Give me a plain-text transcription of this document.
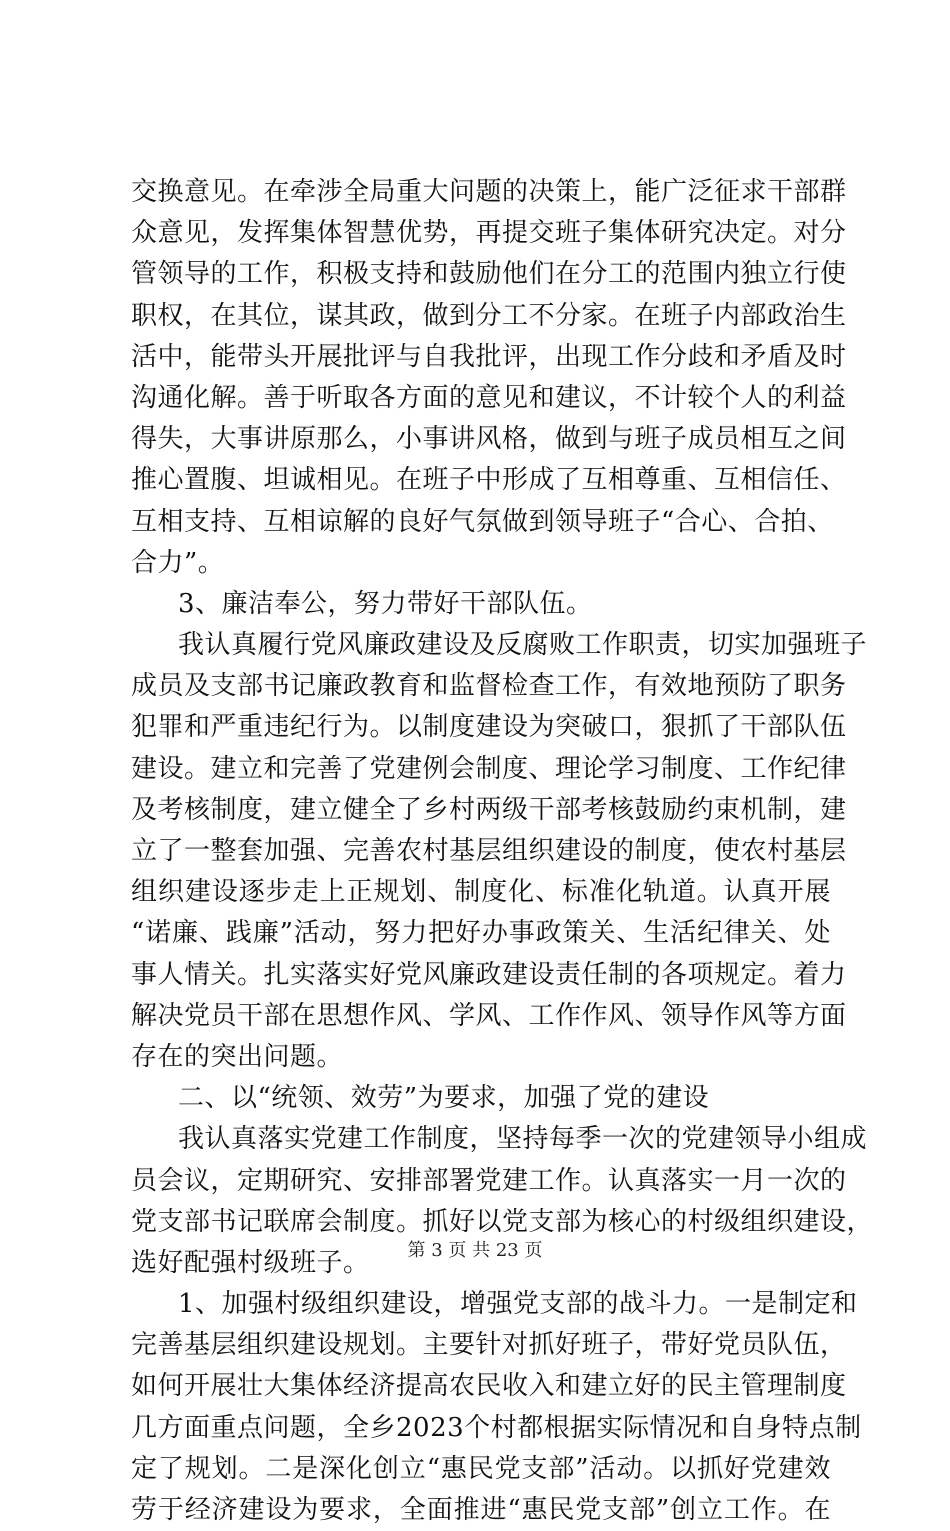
交换意见。在牵涉全局重大问题的决策上，能广泛征求干部群
众意见，发挥集体智慧优势，再提交班子集体研究决定。对分
管领导的工作，积极支持和鼓励他们在分工的范围内独立行使
职权，在其位，谋其政，做到分工不分家。在班子内部政治生
活中，能带头开展批评与自我批评，出现工作分歧和矛盾及时
沟通化解。善于听取各方面的意见和建议，不计较个人的利益
得失，大事讲原那么，小事讲风格，做到与班子成员相互之间
推心置腹、坦诚相见。在班子中形成了互相尊重、互相信任、
互相支持、互相谅解的良好气氛做到领导班子“合心、合拍、
合力”。
3、廉洁奉公，努力带好干部队伍。
我认真履行党风廉政建设及反腐败工作职责，切实加强班子
成员及支部书记廉政教育和监督检查工作，有效地预防了职务
犯罪和严重违纪行为。以制度建设为突破口，狠抓了干部队伍
建设。建立和完善了党建例会制度、理论学习制度、工作纪律
及考核制度，建立健全了乡村两级干部考核鼓励约束机制，建
立了一整套加强、完善农村基层组织建设的制度，使农村基层
组织建设逐步走上正规划、制度化、标准化轨道。认真开展
“诺廉、践廉”活动，努力把好办事政策关、生活纪律关、处
事人情关。扎实落实好党风廉政建设责任制的各项规定。着力
解决党员干部在思想作风、学风、工作作风、领导作风等方面
存在的突出问题。
二、以“统领、效劳”为要求，加强了党的建设
我认真落实党建工作制度，坚持每季一次的党建领导小组成
员会议，定期研究、安排部署党建工作。认真落实一月一次的
党支部书记联席会制度。抓好以党支部为核心的村级组织建设，
选好配强村级班子。
1、加强村级组织建设，增强党支部的战斗力。一是制定和
完善基层组织建设规划。主要针对抓好班子，带好党员队伍，
如何开展壮大集体经济提高农民收入和建立好的民主管理制度
几方面重点问题，全乡2023个村都根据实际情况和自身特点制
定了规划。二是深化创立“惠民党支部”活动。以抓好党建效
劳于经济建设为要求，全面推进“惠民党支部”创立工作。在
第 3 页 共 23 页
